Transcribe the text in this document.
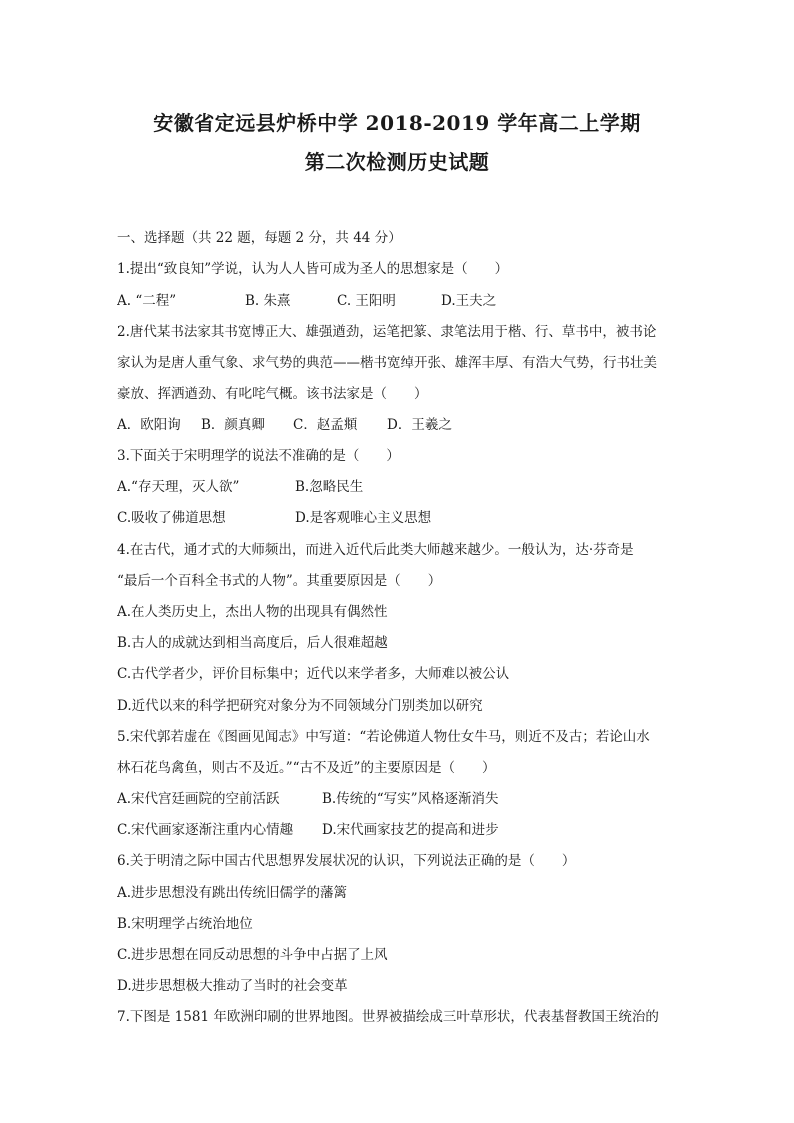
安徽省定远县炉桥中学 2018-2019 学年高二上学期
第二次检测历史试题
一、选择题（共 22 题，每题 2 分，共 44 分）
1.提出“致良知”学说，认为人人皆可成为圣人的思想家是（　　）
A. “二程”	B. 朱熹	C. 王阳明	D.王夫之
2.唐代某书法家其书宽博正大、雄强遒劲，运笔把篆、隶笔法用于楷、行、草书中，被书论
家认为是唐人重气象、求气势的典范——楷书宽绰开张、雄浑丰厚、有浩大气势，行书壮美
豪放、挥洒遒劲、有叱咤气概。该书法家是（　　）
A．欧阳询 B．颜真卿 C．赵孟頫 D．王羲之
3.下面关于宋明理学的说法不准确的是（　　）
A.“存天理，灭人欲”	B.忽略民生
C.吸收了佛道思想	D.是客观唯心主义思想
4.在古代，通才式的大师频出，而进入近代后此类大师越来越少。一般认为，达·芬奇是
“最后一个百科全书式的人物”。其重要原因是（　　）
A.在人类历史上，杰出人物的出现具有偶然性
B.古人的成就达到相当高度后，后人很难超越
C.古代学者少，评价目标集中；近代以来学者多，大师难以被公认
D.近代以来的科学把研究对象分为不同领域分门别类加以研究
5.宋代郭若虚在《图画见闻志》中写道：“若论佛道人物仕女牛马，则近不及古；若论山水
林石花鸟禽鱼，则古不及近。”“古不及近”的主要原因是（　　）
A.宋代宫廷画院的空前活跃	B.传统的“写实”风格逐渐消失
C.宋代画家逐渐注重内心情趣 D.宋代画家技艺的提高和进步
6.关于明清之际中国古代思想界发展状况的认识，下列说法正确的是（　　）
A.进步思想没有跳出传统旧儒学的藩篱
B.宋明理学占统治地位
C.进步思想在同反动思想的斗争中占据了上风
D.进步思想极大推动了当时的社会变革
7.下图是 1581 年欧洲印刷的世界地图。世界被描绘成三叶草形状，代表基督教国王统治的
